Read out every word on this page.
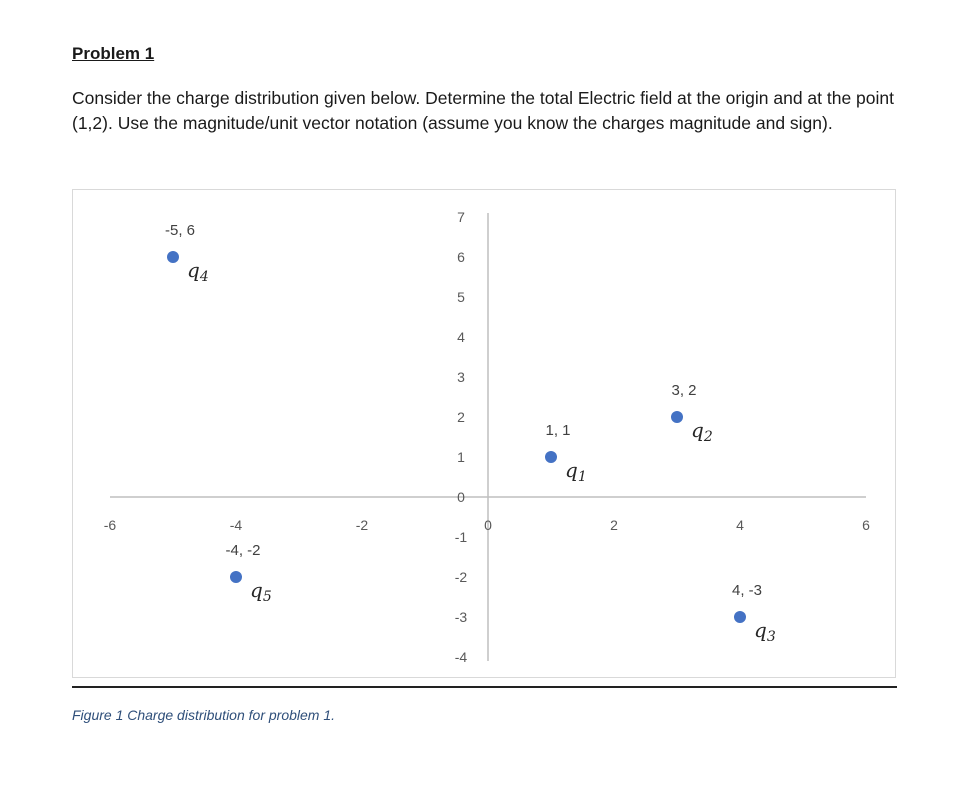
Problem 1
Consider the charge distribution given below. Determine the total Electric field at the origin and at the point (1,2). Use the magnitude/unit vector notation (assume you know the charges magnitude and sign).
-6	-4	-2	0	2	4	6
7
6
5
4
3
2
1
0
-1
-2
-3
-4
1, 1
$q_1$
3, 2
$q_2$
4, -3
$q_3$
-5, 6
$q_4$
-4, -2
$q_5$
Figure 1 Charge distribution for problem 1.
